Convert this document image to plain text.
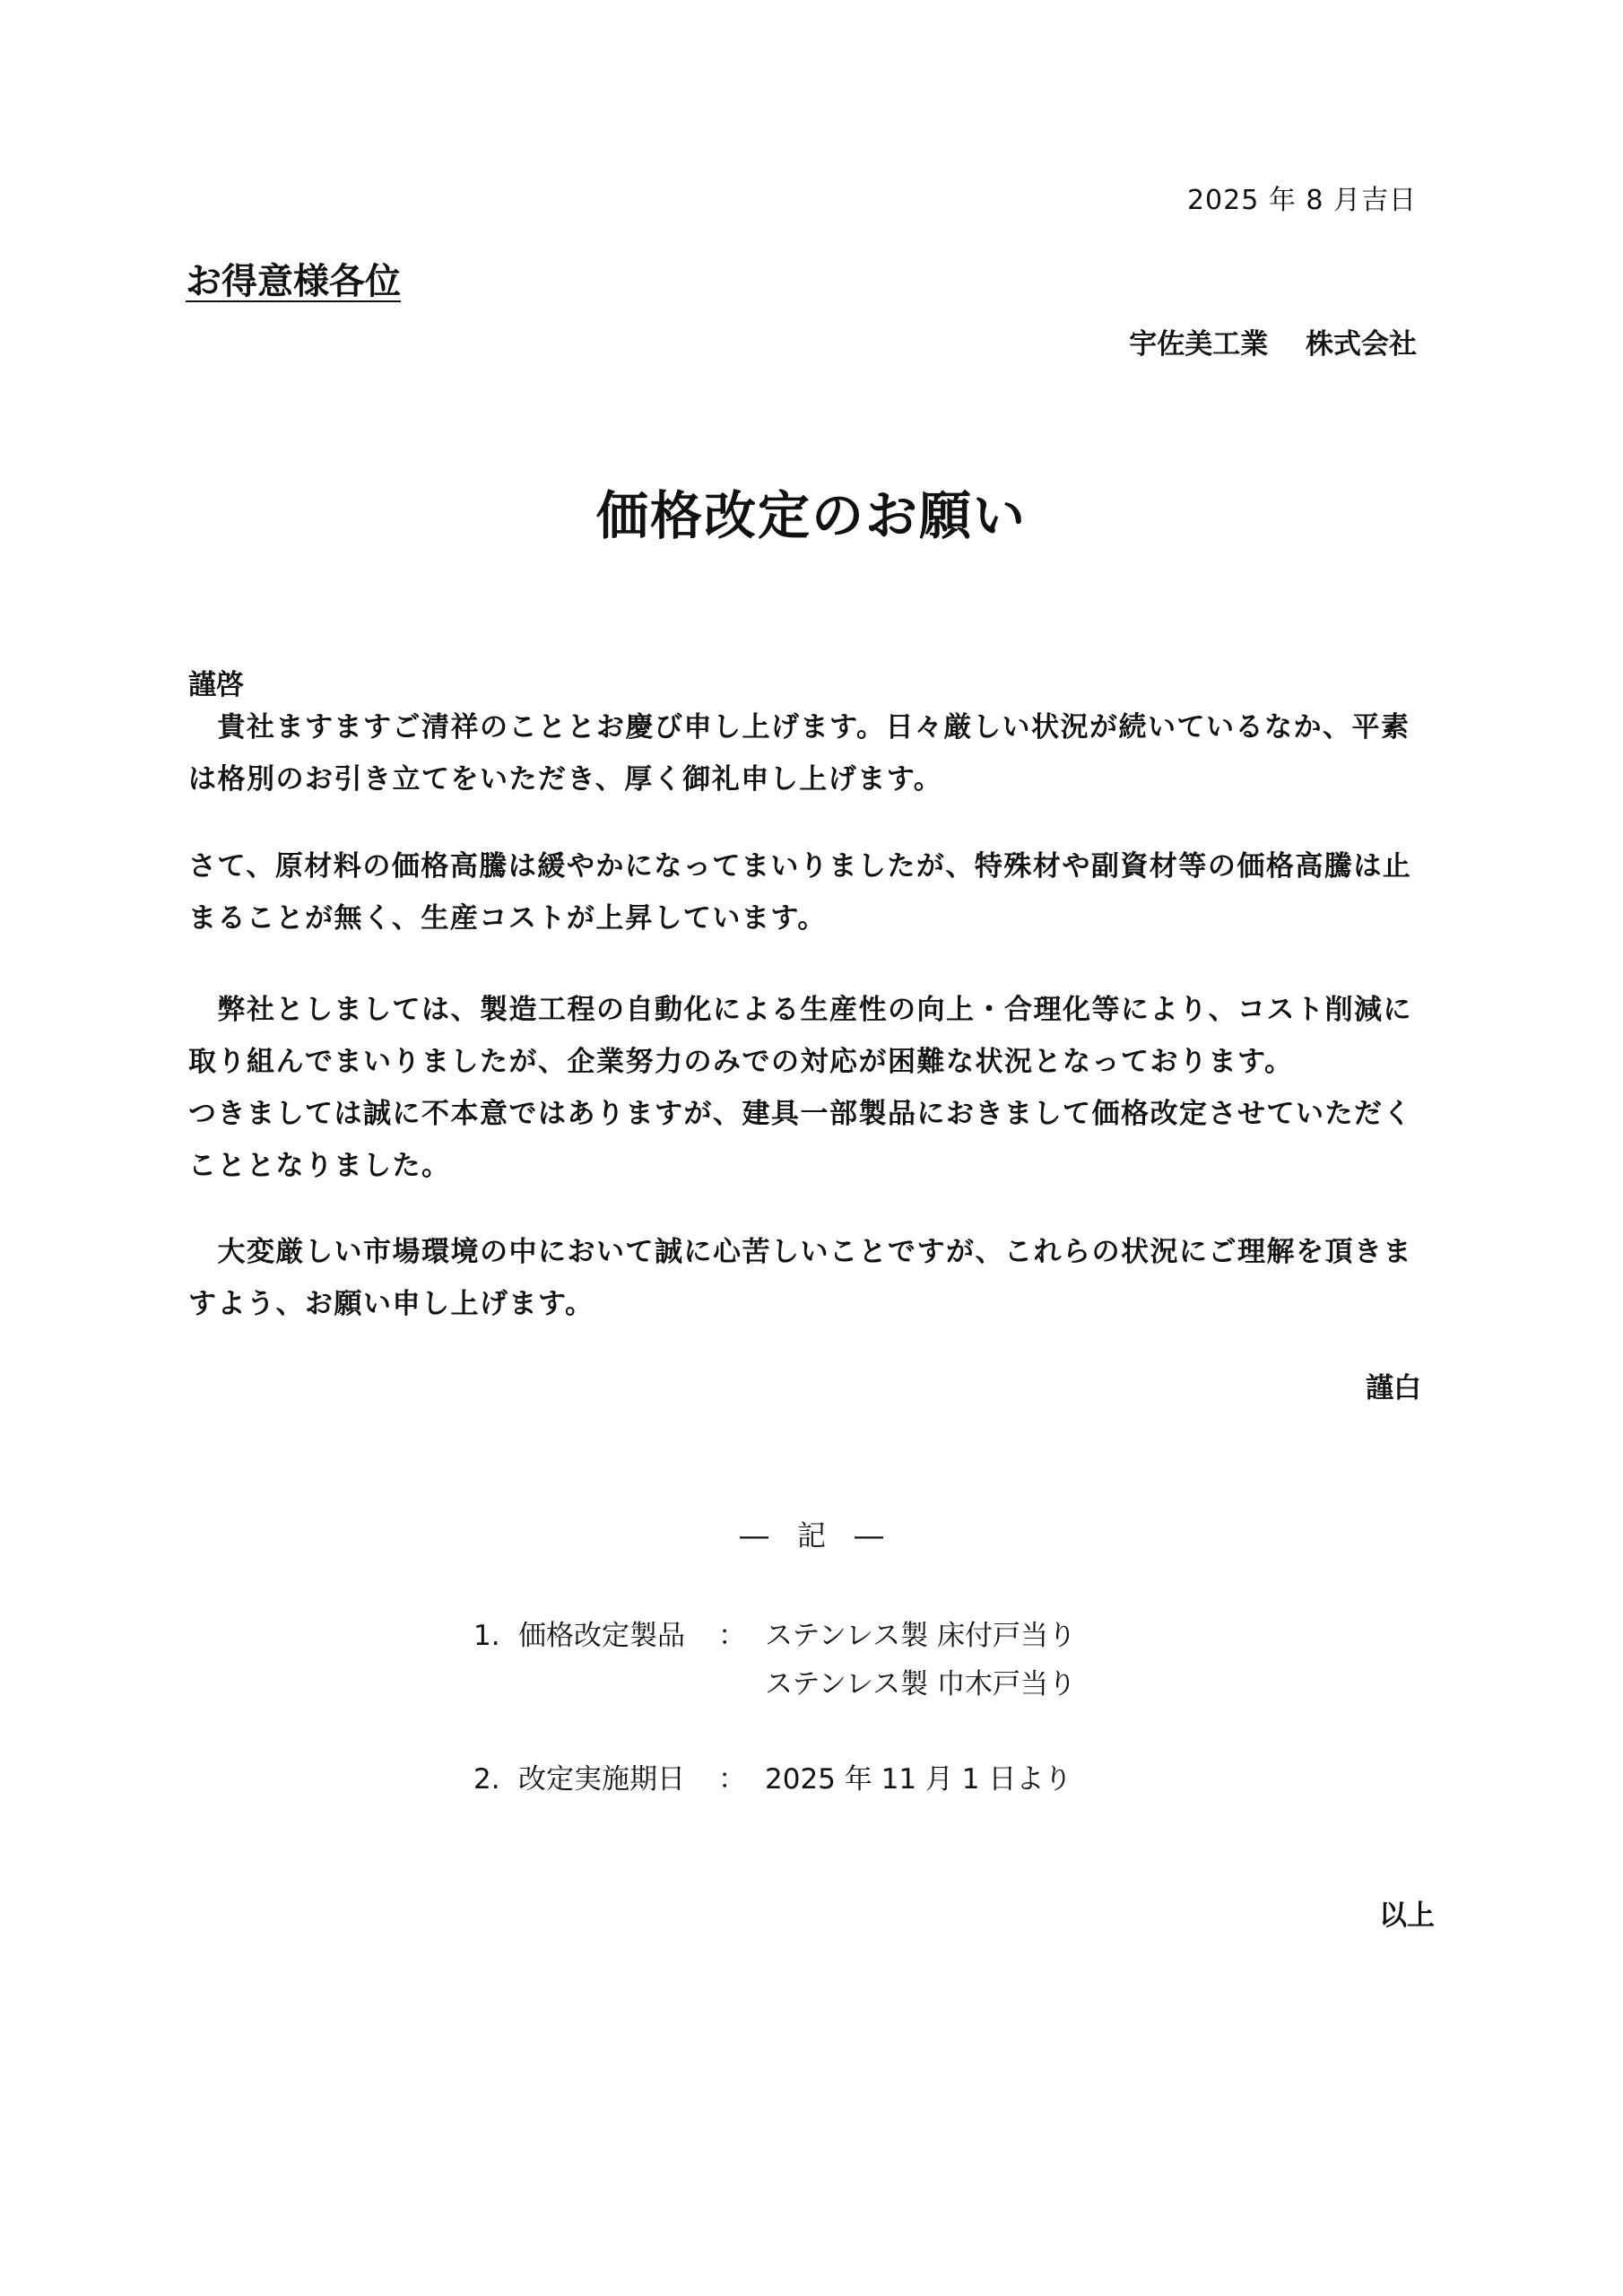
2025 年 8 月吉日
お得意様各位
宇佐美工業　 株式会社
価格改定のお願い
謹啓

　貴社ますますご清祥のこととお慶び申し上げます。日々厳しい状況が続いているなか、平素は格別のお引き立てをいただき、厚く御礼申し上げます。

さて、原材料の価格高騰は緩やかになってまいりましたが、特殊材や副資材等の価格高騰は止まることが無く、生産コストが上昇しています。

　弊社としましては、製造工程の自動化による生産性の向上・合理化等により、コスト削減に取り組んでまいりましたが、企業努力のみでの対応が困難な状況となっております。

つきましては誠に不本意ではありますが、建具一部製品におきまして価格改定させていただくこととなりました。

　大変厳しい市場環境の中において誠に心苦しいことですが、これらの状況にご理解を頂きますよう、お願い申し上げます。

謹白
―　記　―
1. 価格改定製品	： ステンレス製 床付戸当り
ステンレス製 巾木戸当り
2. 改定実施期日	： 2025 年 11 月 1 日より
以上
